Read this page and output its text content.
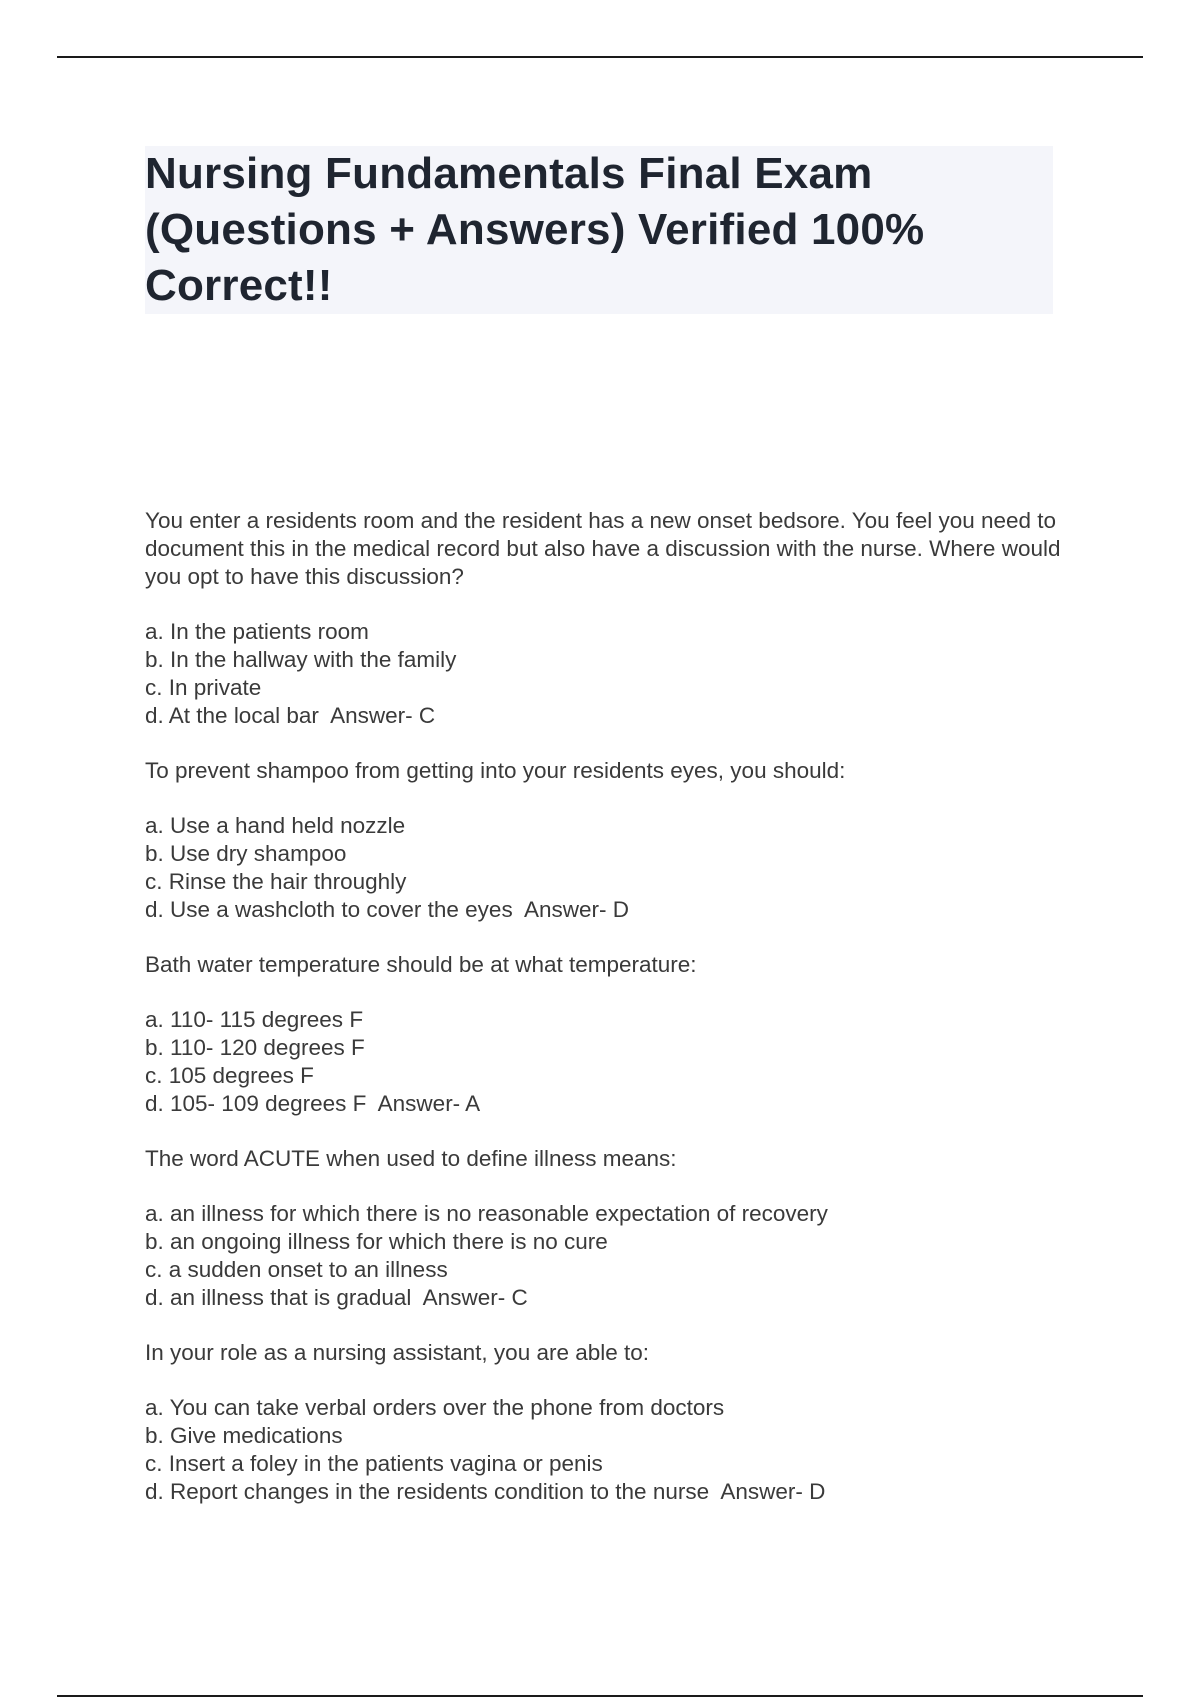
Nursing Fundamentals Final Exam (Questions + Answers) Verified 100% Correct!!
You enter a residents room and the resident has a new onset bedsore. You feel you need to document this in the medical record but also have a discussion with the nurse. Where would you opt to have this discussion?
a. In the patients room
b. In the hallway with the family
c. In private
d. At the local bar  Answer- C
To prevent shampoo from getting into your residents eyes, you should:
a. Use a hand held nozzle
b. Use dry shampoo
c. Rinse the hair throughly
d. Use a washcloth to cover the eyes  Answer- D
Bath water temperature should be at what temperature:
a. 110- 115 degrees F
b. 110- 120 degrees F
c. 105 degrees F
d. 105- 109 degrees F  Answer- A
The word ACUTE when used to define illness means:
a. an illness for which there is no reasonable expectation of recovery
b. an ongoing illness for which there is no cure
c. a sudden onset to an illness
d. an illness that is gradual  Answer- C
In your role as a nursing assistant, you are able to:
a. You can take verbal orders over the phone from doctors
b. Give medications
c. Insert a foley in the patients vagina or penis
d. Report changes in the residents condition to the nurse  Answer- D
